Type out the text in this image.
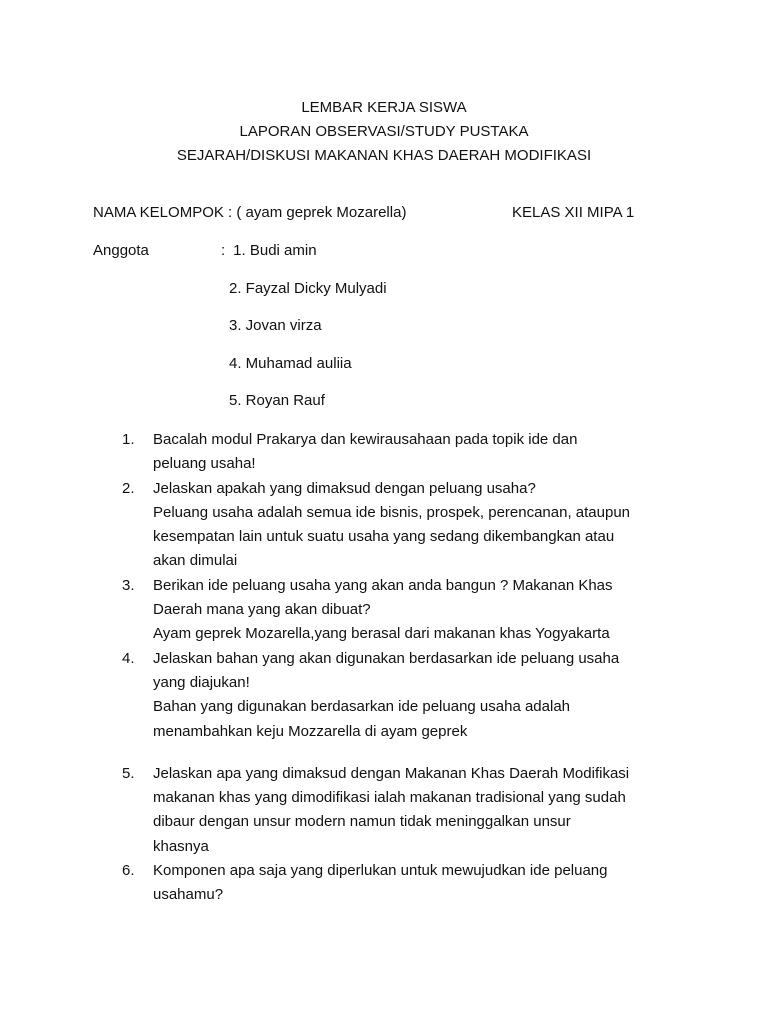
LEMBAR KERJA SISWA
LAPORAN OBSERVASI/STUDY PUSTAKA
SEJARAH/DISKUSI MAKANAN KHAS DAERAH MODIFIKASI
NAMA KELOMPOK : ( ayam geprek Mozarella)	KELAS XII MIPA 1
Anggota	: 1. Budi amin
2. Fayzal Dicky Mulyadi
3. Jovan virza
4. Muhamad auliia
5. Royan Rauf
1. Bacalah modul Prakarya dan kewirausahaan pada topik ide dan
peluang usaha!
2. Jelaskan apakah yang dimaksud dengan peluang usaha?
Peluang usaha adalah semua ide bisnis, prospek, perencanan, ataupun
kesempatan lain untuk suatu usaha yang sedang dikembangkan atau
akan dimulai
3. Berikan ide peluang usaha yang akan anda bangun ? Makanan Khas
Daerah mana yang akan dibuat?
Ayam geprek Mozarella,yang berasal dari makanan khas Yogyakarta
4. Jelaskan bahan yang akan digunakan berdasarkan ide peluang usaha
yang diajukan!
Bahan yang digunakan berdasarkan ide peluang usaha adalah
menambahkan keju Mozzarella di ayam geprek
5. Jelaskan apa yang dimaksud dengan Makanan Khas Daerah Modifikasi
makanan khas yang dimodifikasi ialah makanan tradisional yang sudah
dibaur dengan unsur modern namun tidak meninggalkan unsur
khasnya
6. Komponen apa saja yang diperlukan untuk mewujudkan ide peluang
usahamu?
